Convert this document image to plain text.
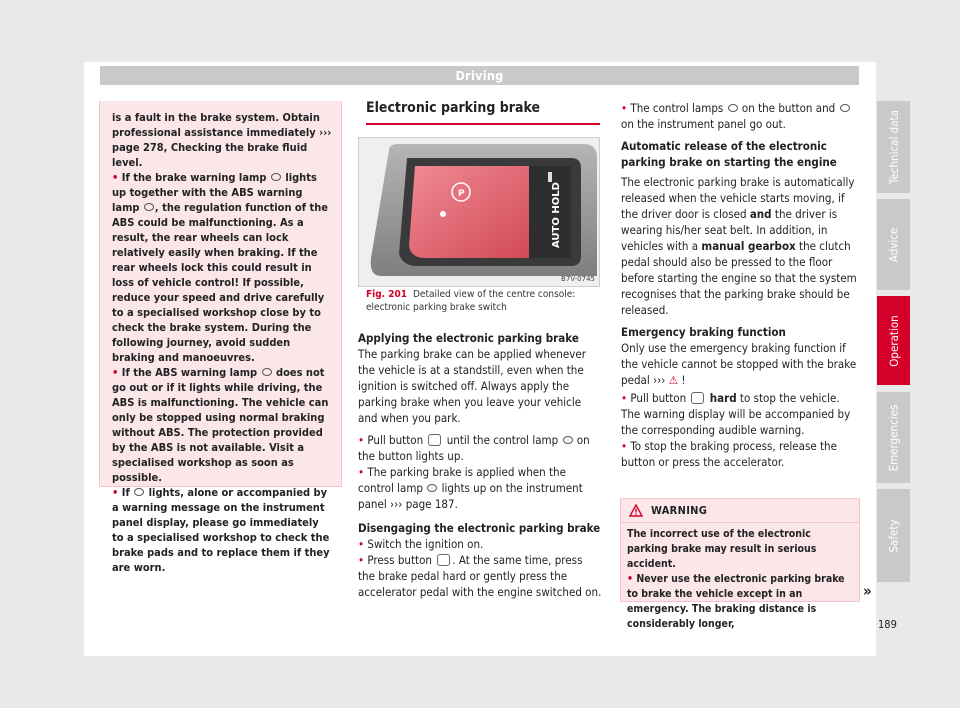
Driving

is a fault in the brake system. Obtain professional assistance immediately ››› page 278, Checking the brake fluid level.

• If the brake warning lamp lights up together with the ABS warning lamp , the regulation function of the ABS could be malfunctioning. As a result, the rear wheels can lock relatively easily when braking. If the rear wheels lock this could result in loss of vehicle control! If possible, reduce your speed and drive carefully to a specialised workshop close by to check the brake system. During the following journey, avoid sudden braking and manoeuvres.

• If the ABS warning lamp does not go out or if it lights while driving, the ABS is malfunctioning. The vehicle can only be stopped using normal braking without ABS. The protection provided by the ABS is not available. Visit a specialised workshop as soon as possible.

• If lights, alone or accompanied by a warning message on the instrument panel display, please go immediately to a specialised workshop to check the brake pads and to replace them if they are worn.

Electronic parking brake
P	AUTO HOLD
B7V-0745
Fig. 201 Detailed view of the centre console: electronic parking brake switch

Applying the electronic parking brake

The parking brake can be applied whenever the vehicle is at a standstill, even when the ignition is switched off. Always apply the parking brake when you leave your vehicle and when you park.

• Pull button until the control lamp on the button lights up.

• The parking brake is applied when the control lamp lights up on the instrument panel ››› page 187.

Disengaging the electronic parking brake

• Switch the ignition on.

• Press button . At the same time, press the brake pedal hard or gently press the accelerator pedal with the engine switched on.

• The control lamps on the button and  on the instrument panel go out.

Automatic release of the electronic parking brake on starting the engine

The electronic parking brake is automatically released when the vehicle starts moving, if the driver door is closed and the driver is wearing his/her seat belt. In addition, in vehicles with a manual gearbox the clutch pedal should also be pressed to the floor before starting the engine so that the system recognises that the parking brake should be released.

Emergency braking function

Only use the emergency braking function if the vehicle cannot be stopped with the brake pedal ››› ⚠ !

• Pull button hard to stop the vehicle. The warning display will be accompanied by the corresponding audible warning.

• To stop the braking process, release the button or press the accelerator.

WARNING

The incorrect use of the electronic parking brake may result in serious accident.

• Never use the electronic parking brake to brake the vehicle except in an emergency. The braking distance is considerably longer,

»
Technical data
Advice
Operation
Emergencies
Safety
189
